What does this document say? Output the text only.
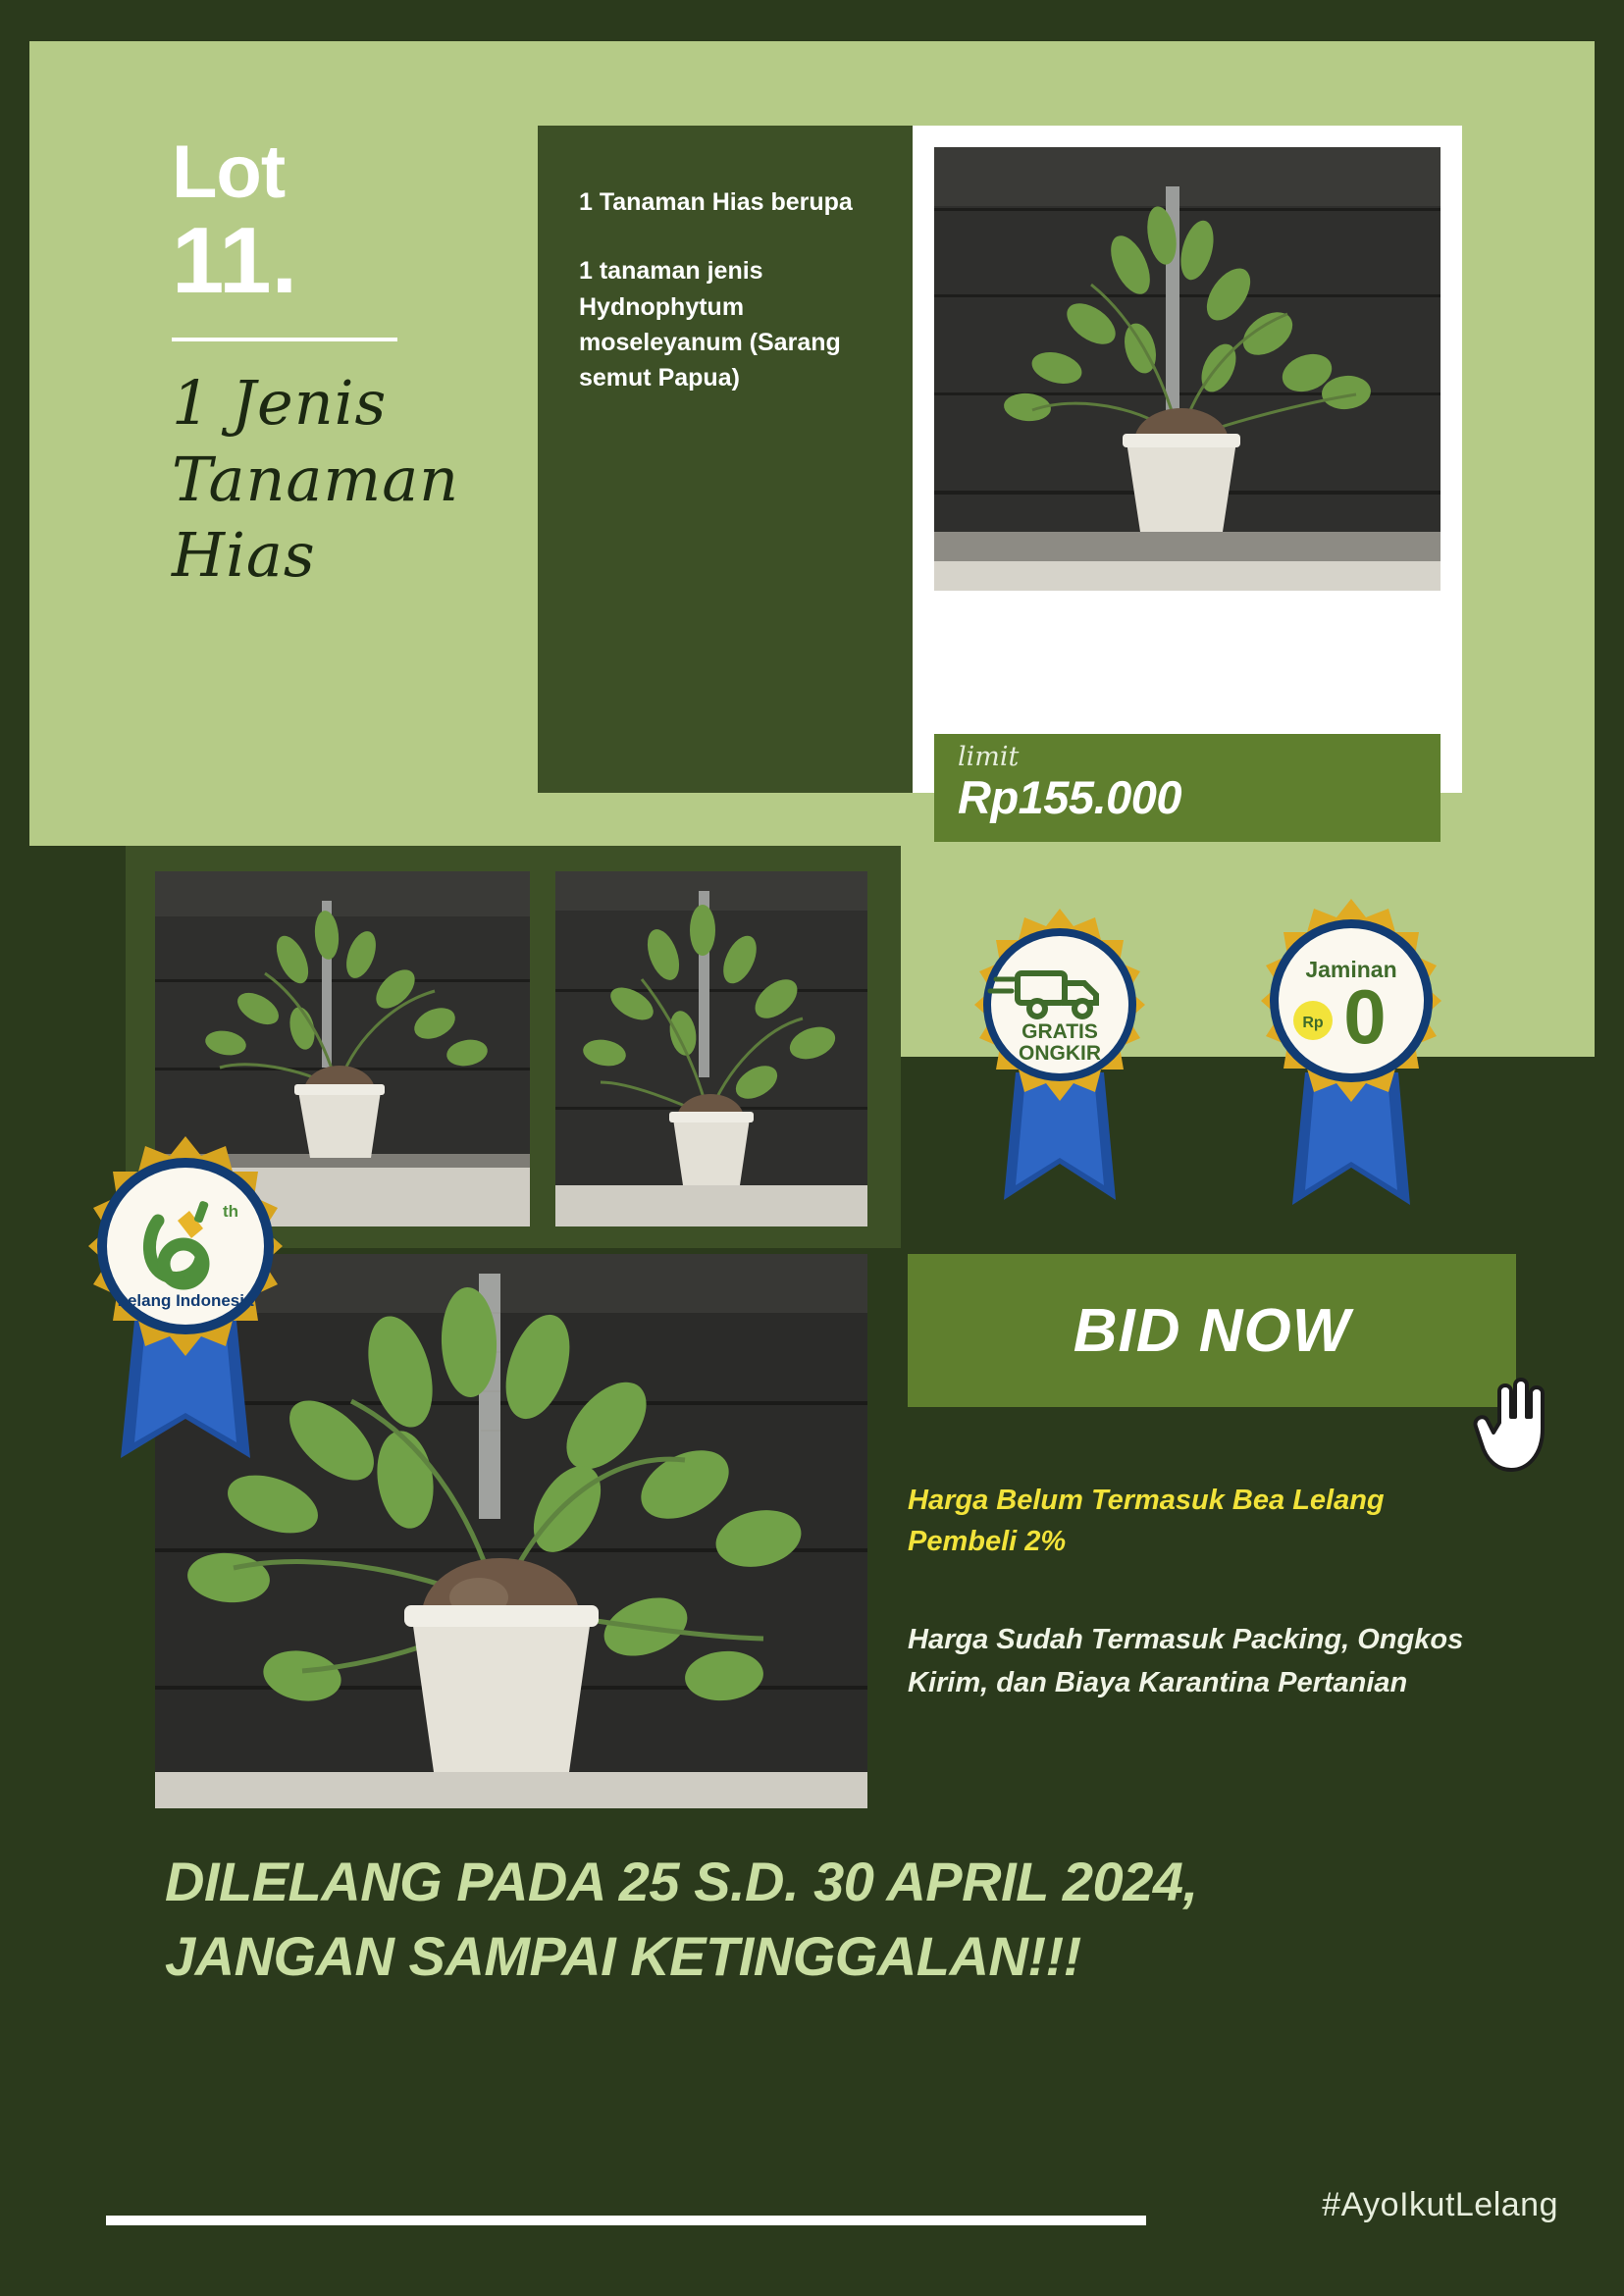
Lot
11.
1 Jenis
Tanaman
Hias
1 Tanaman Hias berupa
1 tanaman jenis Hydnophytum moseleyanum (Sarang semut Papua)
limit
Rp155.000
GRATIS
ONGKIR
Jaminan
0
Rp
th
Lelang Indonesia	BID NOW
Harga Belum Termasuk Bea Lelang Pembeli 2%
Harga Sudah Termasuk Packing, Ongkos Kirim, dan Biaya Karantina Pertanian
DILELANG PADA 25 S.D. 30 APRIL 2024,
JANGAN SAMPAI KETINGGALAN!!!
#AyoIkutLelang
